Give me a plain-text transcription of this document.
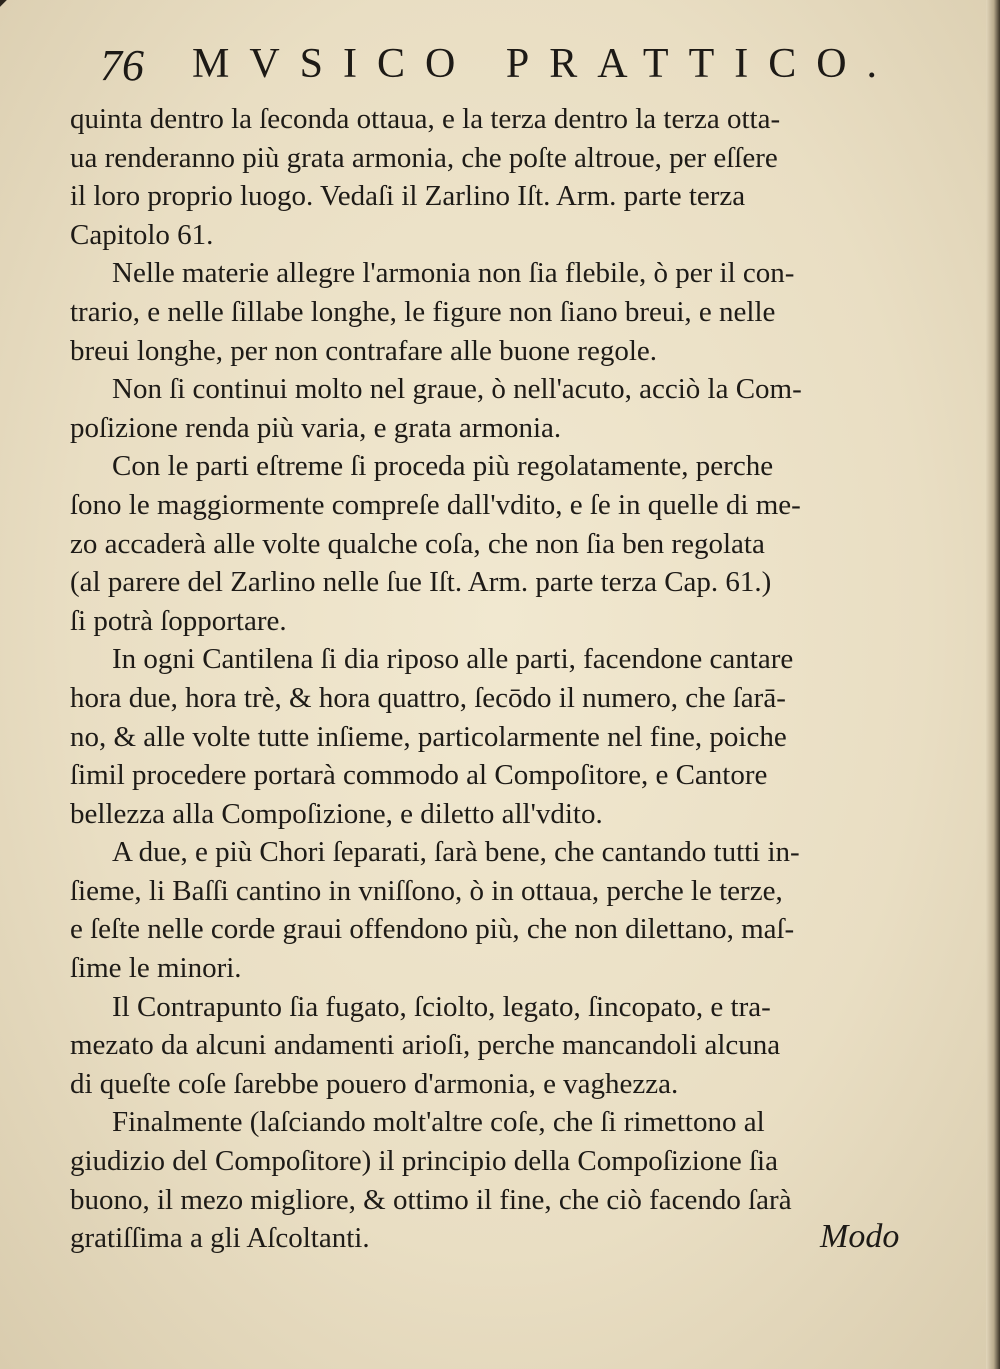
76 MVSICO PRATTICO.
quinta dentro la ſeconda ottaua, e la terza dentro la terza otta-
ua renderanno più grata armonia, che poſte altroue, per eſſere
il loro proprio luogo. Vedaſi il Zarlino Iſt. Arm. parte terza
Capitolo 61.
Nelle materie allegre l'armonia non ſia flebile, ò per il con-
trario, e nelle ſillabe longhe, le figure non ſiano breui, e nelle
breui longhe, per non contrafare alle buone regole.
Non ſi continui molto nel graue, ò nell'acuto, acciò la Com-
poſizione renda più varia, e grata armonia.
Con le parti eſtreme ſi proceda più regolatamente, perche
ſono le maggiormente compreſe dall'vdito, e ſe in quelle di me-
zo accaderà alle volte qualche coſa, che non ſia ben regolata
(al parere del Zarlino nelle ſue Iſt. Arm. parte terza Cap. 61.)
ſi potrà ſopportare.
In ogni Cantilena ſi dia riposo alle parti, facendone cantare
hora due, hora trè, & hora quattro, ſecōdo il numero, che ſarā-
no, & alle volte tutte inſieme, particolarmente nel fine, poiche
ſimil procedere portarà commodo al Compoſitore, e Cantore
bellezza alla Compoſizione, e diletto all'vdito.
A due, e più Chori ſeparati, ſarà bene, che cantando tutti in-
ſieme, li Baſſi cantino in vniſſono, ò in ottaua, perche le terze,
e ſeſte nelle corde graui offendono più, che non dilettano, maſ-
ſime le minori.
Il Contrapunto ſia fugato, ſciolto, legato, ſincopato, e tra-
mezato da alcuni andamenti arioſi, perche mancandoli alcuna
di queſte coſe ſarebbe pouero d'armonia, e vaghezza.
Finalmente (laſciando molt'altre coſe, che ſi rimettono al
giudizio del Compoſitore) il principio della Compoſizione ſia
buono, il mezo migliore, & ottimo il fine, che ciò facendo ſarà
gratiſſima a gli Aſcoltanti.	Modo
